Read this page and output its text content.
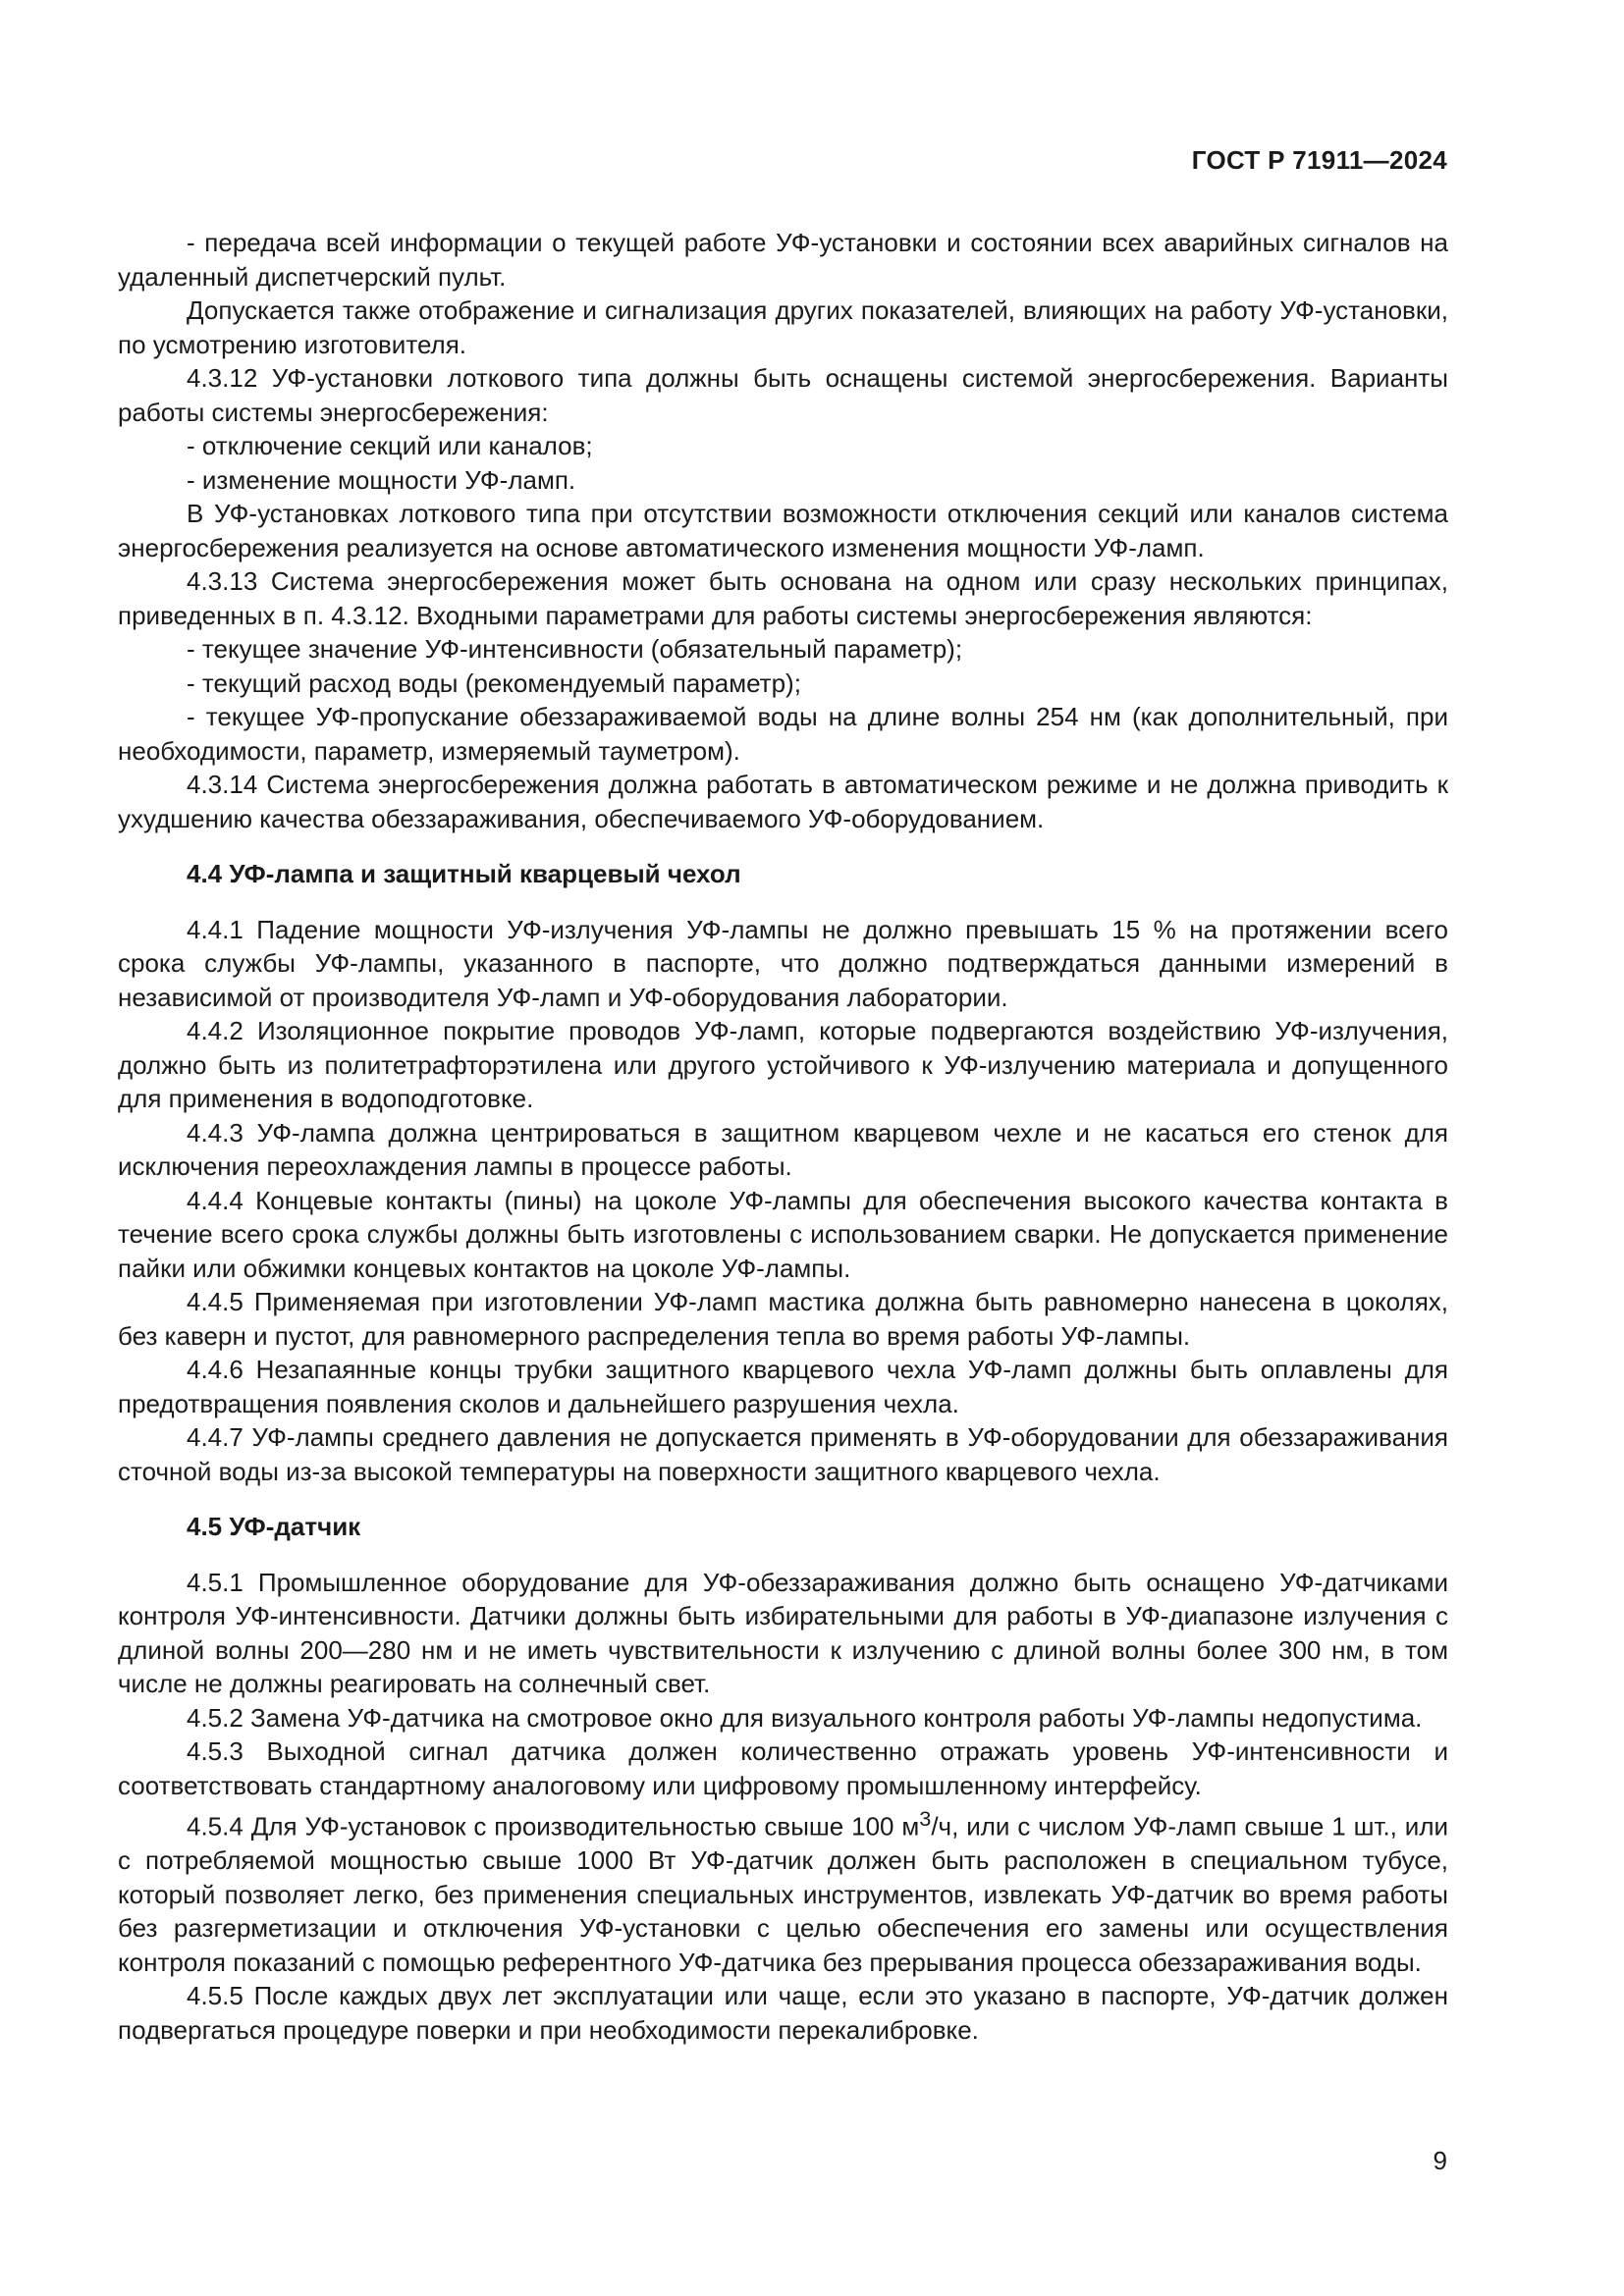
ГОСТ Р 71911—2024

- передача всей информации о текущей работе УФ-установки и состоянии всех аварийных сигналов на удаленный диспетчерский пульт.

Допускается также отображение и сигнализация других показателей, влияющих на работу УФ-установки, по усмотрению изготовителя.

4.3.12 УФ-установки лоткового типа должны быть оснащены системой энергосбережения. Варианты работы системы энергосбережения:

- отключение секций или каналов;

- изменение мощности УФ-ламп.

В УФ-установках лоткового типа при отсутствии возможности отключения секций или каналов система энергосбережения реализуется на основе автоматического изменения мощности УФ-ламп.

4.3.13 Система энергосбережения может быть основана на одном или сразу нескольких принципах, приведенных в п. 4.3.12. Входными параметрами для работы системы энергосбережения являются:

- текущее значение УФ-интенсивности (обязательный параметр);

- текущий расход воды (рекомендуемый параметр);

- текущее УФ-пропускание обеззараживаемой воды на длине волны 254 нм (как дополнительный, при необходимости, параметр, измеряемый тауметром).

4.3.14 Система энергосбережения должна работать в автоматическом режиме и не должна приводить к ухудшению качества обеззараживания, обеспечиваемого УФ-оборудованием.

4.4 УФ-лампа и защитный кварцевый чехол

4.4.1 Падение мощности УФ-излучения УФ-лампы не должно превышать 15 % на протяжении всего срока службы УФ-лампы, указанного в паспорте, что должно подтверждаться данными измерений в независимой от производителя УФ-ламп и УФ-оборудования лаборатории.

4.4.2 Изоляционное покрытие проводов УФ-ламп, которые подвергаются воздействию УФ-излучения, должно быть из политетрафторэтилена или другого устойчивого к УФ-излучению материала и допущенного для применения в водоподготовке.

4.4.3 УФ-лампа должна центрироваться в защитном кварцевом чехле и не касаться его стенок для исключения переохлаждения лампы в процессе работы.

4.4.4 Концевые контакты (пины) на цоколе УФ-лампы для обеспечения высокого качества контакта в течение всего срока службы должны быть изготовлены с использованием сварки. Не допускается применение пайки или обжимки концевых контактов на цоколе УФ-лампы.

4.4.5 Применяемая при изготовлении УФ-ламп мастика должна быть равномерно нанесена в цоколях, без каверн и пустот, для равномерного распределения тепла во время работы УФ-лампы.

4.4.6 Незапаянные концы трубки защитного кварцевого чехла УФ-ламп должны быть оплавлены для предотвращения появления сколов и дальнейшего разрушения чехла.

4.4.7 УФ-лампы среднего давления не допускается применять в УФ-оборудовании для обеззараживания сточной воды из-за высокой температуры на поверхности защитного кварцевого чехла.

4.5 УФ-датчик

4.5.1 Промышленное оборудование для УФ-обеззараживания должно быть оснащено УФ-датчиками контроля УФ-интенсивности. Датчики должны быть избирательными для работы в УФ-диапазоне излучения с длиной волны 200—280 нм и не иметь чувствительности к излучению с длиной волны более 300 нм, в том числе не должны реагировать на солнечный свет.

4.5.2 Замена УФ-датчика на смотровое окно для визуального контроля работы УФ-лампы недопустима.

4.5.3 Выходной сигнал датчика должен количественно отражать уровень УФ-интенсивности и соответствовать стандартному аналоговому или цифровому промышленному интерфейсу.

4.5.4 Для УФ-установок с производительностью свыше 100 $м^3/ч$, или с числом УФ-ламп свыше 1 шт., или с потребляемой мощностью свыше 1000 Вт УФ-датчик должен быть расположен в специальном тубусе, который позволяет легко, без применения специальных инструментов, извлекать УФ-датчик во время работы без разгерметизации и отключения УФ-установки с целью обеспечения его замены или осуществления контроля показаний с помощью референтного УФ-датчика без прерывания процесса обеззараживания воды.

4.5.5 После каждых двух лет эксплуатации или чаще, если это указано в паспорте, УФ-датчик должен подвергаться процедуре поверки и при необходимости перекалибровке.

9
